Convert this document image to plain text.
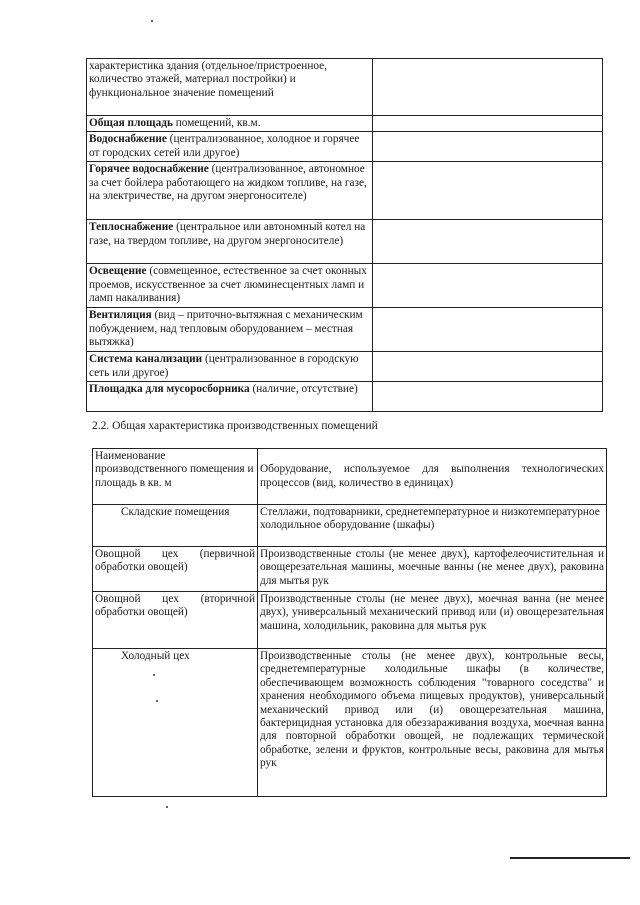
характеристика здания (отдельное/пристроенное, количество этажей, материал постройки) и функциональное значение помещений	
Общая площадь помещений, кв.м.	
Водоснабжение (централизованное, холодное и горячее от городских сетей или другое)	
Горячее водоснабжение (централизованное, автономное за счет бойлера работающего на жидком топливе, на газе, на электричестве, на другом энергоносителе)	
Теплоснабжение (центральное или автономный котел на газе, на твердом топливе, на другом энергоносителе)	
Освещение (совмещенное, естественное за счет оконных проемов, искусственное за счет люминесцентных ламп и ламп накаливания)	
Вентиляция (вид – приточно-вытяжная с механическим побуждением, над тепловым оборудованием – местная вытяжка)	
Система канализации (централизованное в городскую сеть или другое)	
Площадка для мусоросборника (наличие, отсутствие)	
2.2. Общая характеристика производственных помещений
Наименование производственного помещения и площадь в кв. м	Оборудование, используемое для выполнения технологических процессов (вид, количество в единицах)
Складские помещения	Стеллажи, подтоварники, среднетемпературное и низкотемпературное холодильное оборудование (шкафы)
Овощной цех (первичной обработки овощей)	Производственные столы (не менее двух), картофелеочистительная и овощерезательная машины, моечные ванны (не менее двух), раковина для мытья рук
Овощной цех (вторичной обработки овощей)	Производственные столы (не менее двух), моечная ванна (не менее двух), универсальный механический привод или (и) овощерезательная машина, холодильник, раковина для мытья рук
Холодный цех	Производственные столы (не менее двух), контрольные весы, среднетемпературные холодильные шкафы (в количестве, обеспечивающем возможность соблюдения "товарного соседства" и хранения необходимого объема пищевых продуктов), универсальный механический привод или (и) овощерезательная машина, бактерицидная установка для обеззараживания воздуха, моечная ванна для повторной обработки овощей, не подлежащих термической обработке, зелени и фруктов, контрольные весы, раковина для мытья рук
